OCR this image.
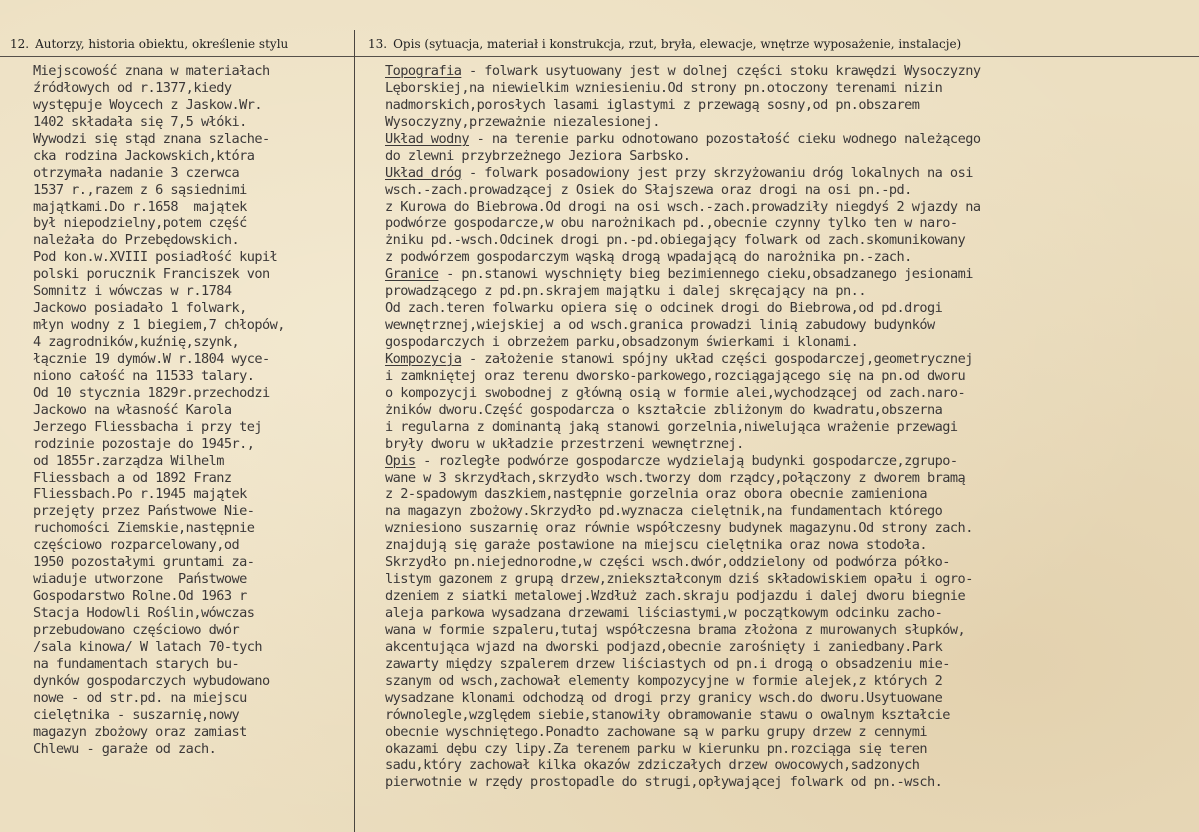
12. Autorzy, historia obiektu, określenie stylu	13. Opis (sytuacja, materiał i konstrukcja, rzut, bryła, elewacje, wnętrze wyposażenie, instalacje)
Miejscowość znana w materiałach
źródłowych od r.1377,kiedy
występuje Woycech z Jaskow.Wr.
1402 składała się 7,5 włóki.
Wywodzi się stąd znana szlache-
cka rodzina Jackowskich,która
otrzymała nadanie 3 czerwca
1537 r.,razem z 6 sąsiednimi
majątkami.Do r.1658  majątek
był niepodzielny,potem część
należała do Przebędowskich.
Pod kon.w.XVIII posiadłość kupił
polski porucznik Franciszek von
Somnitz i wówczas w r.1784
Jackowo posiadało 1 folwark,
młyn wodny z 1 biegiem,7 chłopów,
4 zagrodników,kuźnię,szynk,
łącznie 19 dymów.W r.1804 wyce-
niono całość na 11533 talary.
Od 10 stycznia 1829r.przechodzi
Jackowo na własność Karola
Jerzego Fliessbacha i przy tej
rodzinie pozostaje do 1945r.,
od 1855r.zarządza Wilhelm
Fliessbach a od 1892 Franz
Fliessbach.Po r.1945 majątek
przejęty przez Państwowe Nie-
ruchomości Ziemskie,następnie
częściowo rozparcelowany,od
1950 pozostałymi gruntami za-
wiaduje utworzone  Państwowe
Gospodarstwo Rolne.Od 1963 r
Stacja Hodowli Roślin,wówczas
przebudowano częściowo dwór
/sala kinowa/ W latach 70-tych
na fundamentach starych bu-
dynków gospodarczych wybudowano
nowe - od str.pd. na miejscu
cielętnika - suszarnię,nowy
magazyn zbożowy oraz zamiast
Chlewu - garaże od zach.
Topografia - folwark usytuowany jest w dolnej części stoku krawędzi Wysoczyzny
Lęborskiej,na niewielkim wzniesieniu.Od strony pn.otoczony terenami nizin
nadmorskich,porosłych lasami iglastymi z przewagą sosny,od pn.obszarem
Wysoczyzny,przeważnie niezalesionej.
Układ wodny - na terenie parku odnotowano pozostałość cieku wodnego należącego
do zlewni przybrzeżnego Jeziora Sarbsko.
Układ dróg - folwark posadowiony jest przy skrzyżowaniu dróg lokalnych na osi
wsch.-zach.prowadzącej z Osiek do Słajszewa oraz drogi na osi pn.-pd.
z Kurowa do Biebrowa.Od drogi na osi wsch.-zach.prowadziły niegdyś 2 wjazdy na
podwórze gospodarcze,w obu narożnikach pd.,obecnie czynny tylko ten w naro-
żniku pd.-wsch.Odcinek drogi pn.-pd.obiegający folwark od zach.skomunikowany
z podwórzem gospodarczym wąską drogą wpadającą do narożnika pn.-zach.
Granice - pn.stanowi wyschnięty bieg bezimiennego cieku,obsadzanego jesionami
prowadzącego z pd.pn.skrajem majątku i dalej skręcający na pn..
Od zach.teren folwarku opiera się o odcinek drogi do Biebrowa,od pd.drogi
wewnętrznej,wiejskiej a od wsch.granica prowadzi linią zabudowy budynków
gospodarczych i obrzeżem parku,obsadzonym świerkami i klonami.
Kompozycja - założenie stanowi spójny układ części gospodarczej,geometrycznej
i zamkniętej oraz terenu dworsko-parkowego,rozciągającego się na pn.od dworu
o kompozycji swobodnej z główną osią w formie alei,wychodzącej od zach.naro-
żników dworu.Część gospodarcza o kształcie zbliżonym do kwadratu,obszerna
i regularna z dominantą jaką stanowi gorzelnia,niwelująca wrażenie przewagi
bryły dworu w układzie przestrzeni wewnętrznej.
Opis - rozległe podwórze gospodarcze wydzielają budynki gospodarcze,zgrupo-
wane w 3 skrzydłach,skrzydło wsch.tworzy dom rządcy,połączony z dworem bramą
z 2-spadowym daszkiem,następnie gorzelnia oraz obora obecnie zamieniona
na magazyn zbożowy.Skrzydło pd.wyznacza cielętnik,na fundamentach którego
wzniesiono suszarnię oraz równie współczesny budynek magazynu.Od strony zach.
znajdują się garaże postawione na miejscu cielętnika oraz nowa stodoła.
Skrzydło pn.niejednorodne,w części wsch.dwór,oddzielony od podwórza półko-
listym gazonem z grupą drzew,zniekształconym dziś składowiskiem opału i ogro-
dzeniem z siatki metalowej.Wzdłuż zach.skraju podjazdu i dalej dworu biegnie
aleja parkowa wysadzana drzewami liściastymi,w początkowym odcinku zacho-
wana w formie szpaleru,tutaj współczesna brama złożona z murowanych słupków,
akcentująca wjazd na dworski podjazd,obecnie zarośnięty i zaniedbany.Park
zawarty między szpalerem drzew liściastych od pn.i drogą o obsadzeniu mie-
szanym od wsch,zachował elementy kompozycyjne w formie alejek,z których 2
wysadzane klonami odchodzą od drogi przy granicy wsch.do dworu.Usytuowane
równolegle,względem siebie,stanowiły obramowanie stawu o owalnym kształcie
obecnie wyschniętego.Ponadto zachowane są w parku grupy drzew z cennymi
okazami dębu czy lipy.Za terenem parku w kierunku pn.rozciąga się teren
sadu,który zachował kilka okazów zdziczałych drzew owocowych,sadzonych
pierwotnie w rzędy prostopadle do strugi,opływającej folwark od pn.-wsch.
